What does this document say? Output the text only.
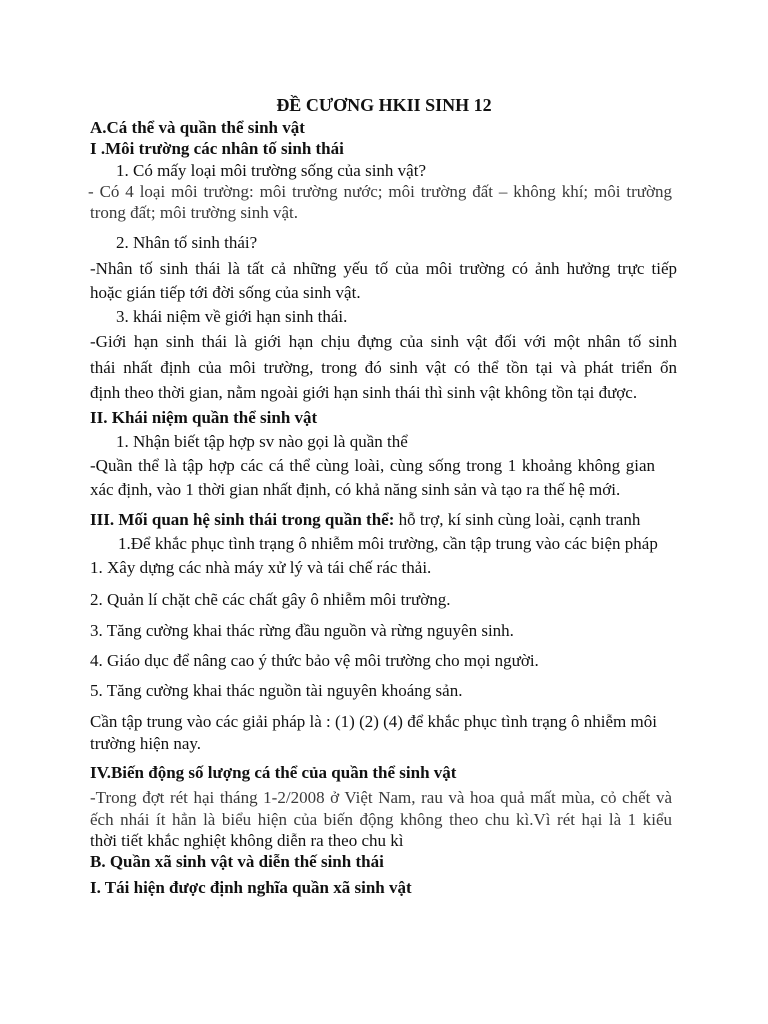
ĐỀ CƯƠNG HKII SINH 12
A.Cá thể và quần thể sinh vật
I .Môi trường các nhân tố sinh thái
1. Có mấy loại môi trường sống của sinh vật?
- Có 4 loại môi trường: môi trường nước; môi trường đất – không khí; môi trường
trong đất; môi trường sinh vật.
2. Nhân tố sinh thái?
-Nhân tố sinh thái là tất cả những yếu tố của môi trường có ảnh hưởng trực tiếp
hoặc gián tiếp tới đời sống của sinh vật.
3. khái niệm về giới hạn sinh thái.
-Giới hạn sinh thái là giới hạn chịu đựng của sinh vật đối với một nhân tố sinh
thái nhất định của môi trường, trong đó sinh vật có thể tồn tại và phát triển ổn
định theo thời gian, nằm ngoài giới hạn sinh thái thì sinh vật không tồn tại được.
II. Khái niệm quần thể sinh vật
1. Nhận biết tập hợp sv nào gọi là quần thể
-Quần thể là tập hợp các cá thể cùng loài, cùng sống trong 1 khoảng không gian
xác định, vào 1 thời gian nhất định, có khả năng sinh sản và tạo ra thế hệ mới.
III. Mối quan hệ sinh thái trong quần thể: hỗ trợ, kí sinh cùng loài, cạnh tranh
1.Để khắc phục tình trạng ô nhiễm môi trường, cần tập trung vào các biện pháp
1. Xây dựng các nhà máy xử lý và tái chế rác thải.
2. Quản lí chặt chẽ các chất gây ô nhiễm môi trường.
3. Tăng cường khai thác rừng đầu nguồn và rừng nguyên sinh.
4. Giáo dục để nâng cao ý thức bảo vệ môi trường cho mọi người.
5. Tăng cường khai thác nguồn tài nguyên khoáng sản.
Cần tập trung vào các giải pháp là : (1) (2) (4) để khắc phục tình trạng ô nhiễm môi
trường hiện nay.
IV.Biến động số lượng cá thể của quần thể sinh vật
-Trong đợt rét hại tháng 1-2/2008 ở Việt Nam, rau và hoa quả mất mùa, cỏ chết và
ếch nhái ít hẳn là biểu hiện của biến động không theo chu kì.Vì rét hại là 1 kiểu
thời tiết khắc nghiệt không diễn ra theo chu kì
B. Quần xã sinh vật và diễn thế sinh thái
I. Tái hiện được định nghĩa quần xã sinh vật
